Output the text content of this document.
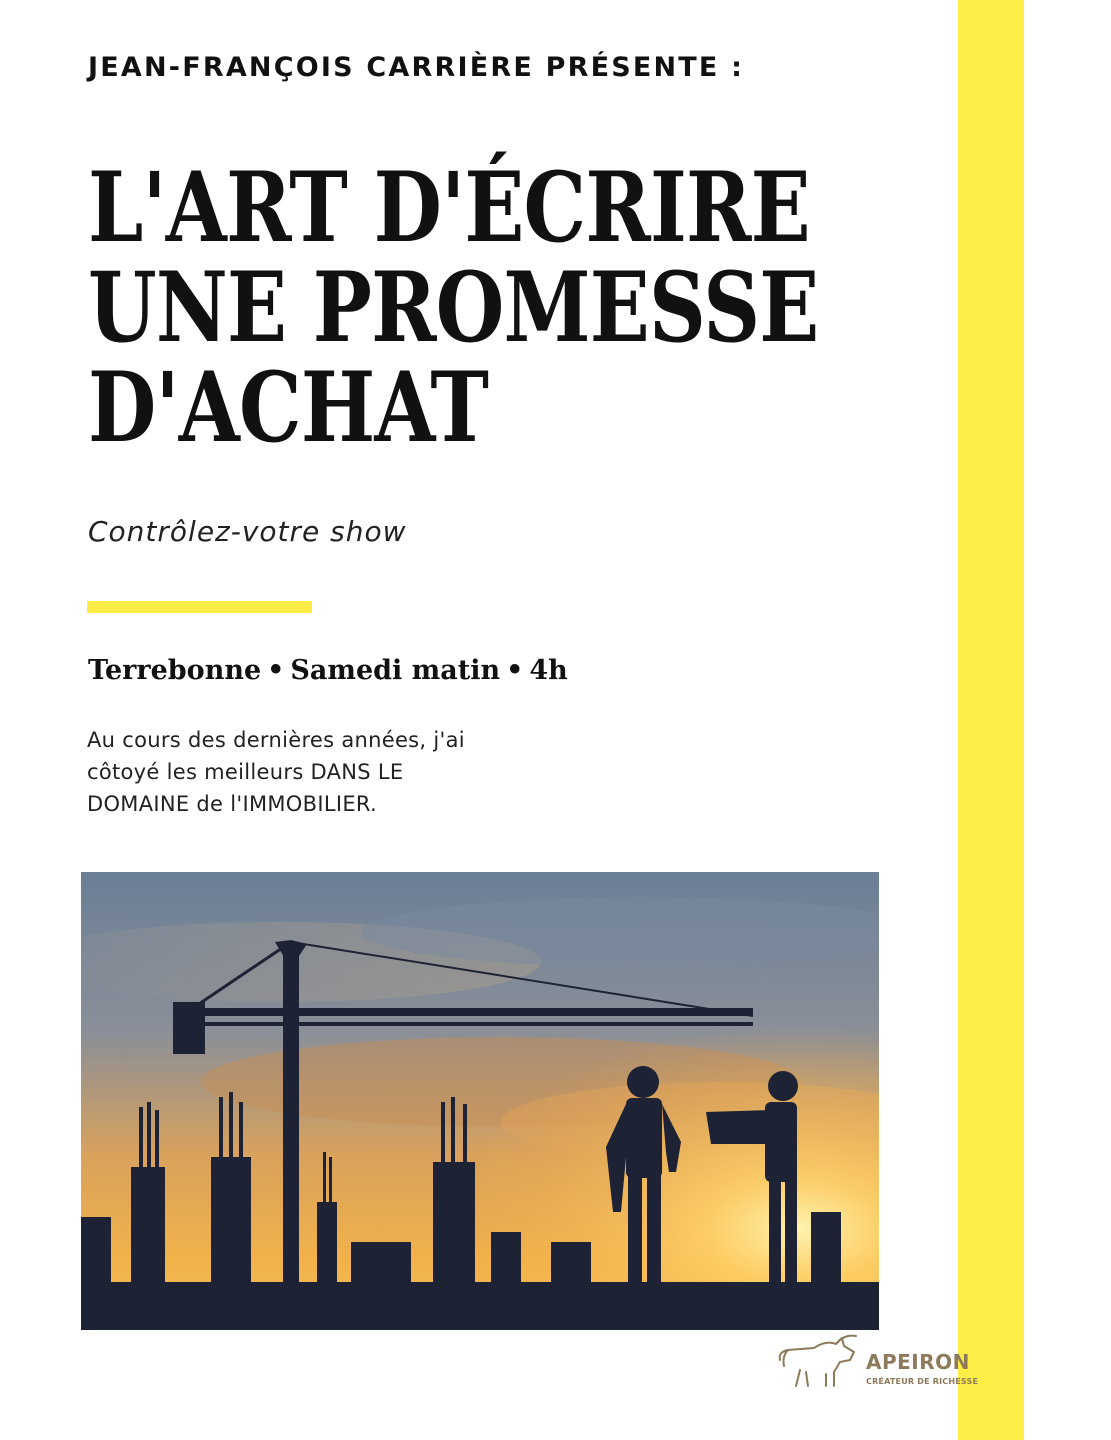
JEAN-FRANÇOIS CARRIÈRE PRÉSENTE :
L'ART D'ÉCRIRE
UNE PROMESSE
D'ACHAT
Contrôlez-votre show
Terrebonne • Samedi matin • 4h
Au cours des dernières années, j'ai
côtoyé les meilleurs DANS LE
DOMAINE de l'IMMOBILIER.
APEIRON
CRÉATEUR DE RICHESSE
